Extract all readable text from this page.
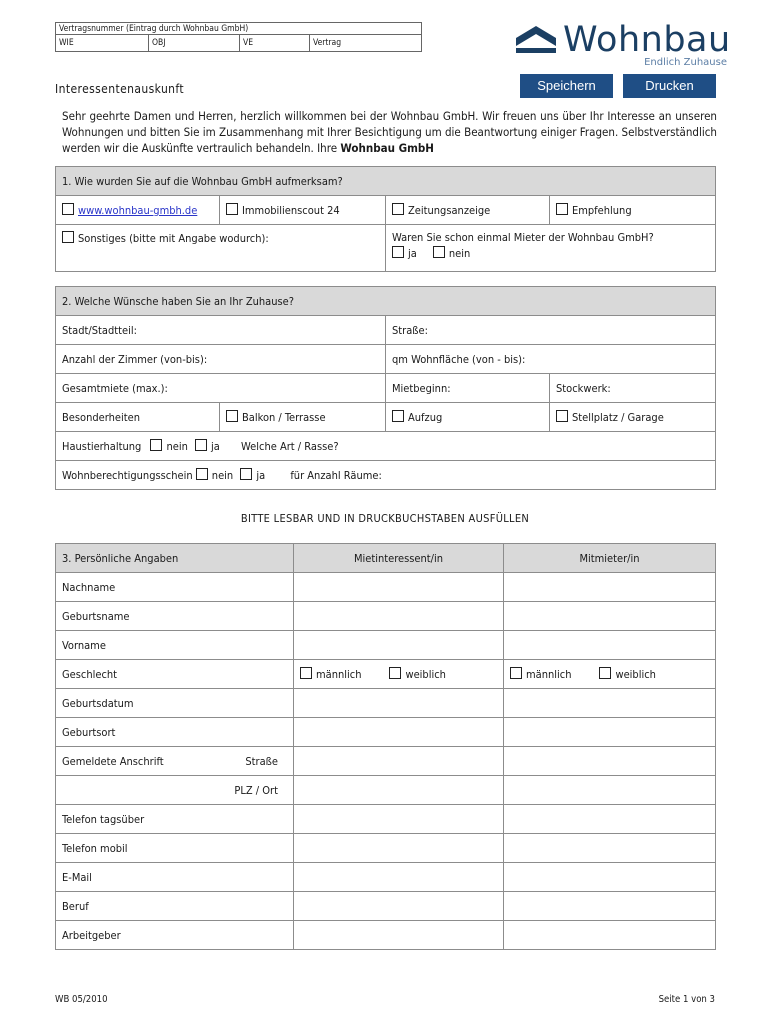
Vertragsnummer (Eintrag durch Wohnbau GmbH)
WIE	OBJ	VE	Vertrag	Wohnbau
Endlich Zuhause
Speichern	Drucken
Interessentenauskunft
Sehr geehrte Damen und Herren, herzlich willkommen bei der Wohnbau GmbH. Wir freuen uns über Ihr Interesse an unseren Wohnungen und bitten Sie im Zusammenhang mit Ihrer Besichtigung um die Beantwortung einiger Fragen. Selbstverständlich werden wir die Auskünfte vertraulich behandeln. Ihre Wohnbau GmbH
1. Wie wurden Sie auf die Wohnbau GmbH aufmerksam?			
www.wohnbau-gmbh.de	Immobilienscout 24	Zeitungsanzeige	Empfehlung
Sonstiges (bitte mit Angabe wodurch):		Waren Sie schon einmal Mieter der Wohnbau GmbH?
ja nein	
2. Welche Wünsche haben Sie an Ihr Zuhause?			
Stadt/Stadtteil:		Straße:	
Anzahl der Zimmer (von-bis):		qm Wohnfläche (von - bis):	
Gesamtmiete (max.):		Mietbeginn:	Stockwerk:
Besonderheiten	Balkon / Terrasse	Aufzug	Stellplatz / Garage
Haustierhaltung nein ja Welche Art / Rasse?			
Wohnberechtigungsschein nein ja für Anzahl Räume:			
BITTE LESBAR UND IN DRUCKBUCHSTABEN AUSFÜLLEN
3. Persönliche Angaben	Mietinteressent/in	Mitmieter/in
Nachname		
Geburtsname		
Vorname		
Geschlecht	männlich weiblich	männlich weiblich
Geburtsdatum		
Geburtsort		
Gemeldete Anschrift Straße		

PLZ / Ort		
Telefon tagsüber		
Telefon mobil		
E-Mail		
Beruf		
Arbeitgeber		
WB 05/2010	Seite 1 von 3
